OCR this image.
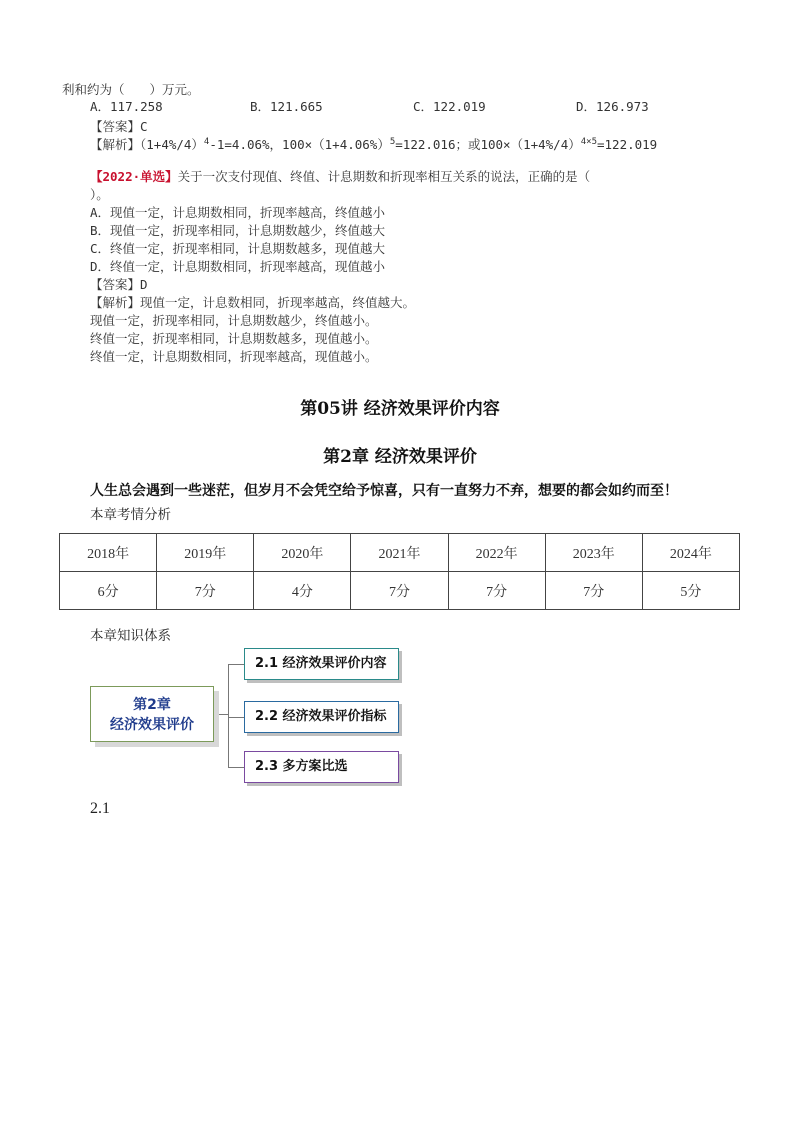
利和约为（　　）万元。
A．117.258	B．121.665	C．122.019	D．126.973
【答案】C
【解析】$(1+4\%/4)^4-1=4.06\%$，$100\times(1+4.06\%)^5=122.016$；或$100\times(1+4\%/4)^{4\times 5}=122.019$
【2022·单选】关于一次支付现值、终值、计息期数和折现率相互关系的说法，正确的是（
）。
A．现值一定，计息期数相同，折现率越高，终值越小
B．现值一定，折现率相同，计息期数越少，终值越大
C．终值一定，折现率相同，计息期数越多，现值越大
D．终值一定，计息期数相同，折现率越高，现值越小
【答案】D
【解析】现值一定，计息数相同，折现率越高，终值越大。
现值一定，折现率相同，计息期数越少，终值越小。
终值一定，折现率相同，计息期数越多，现值越小。
终值一定，计息期数相同，折现率越高，现值越小。
第05讲 经济效果评价内容
第2章 经济效果评价
人生总会遇到一些迷茫，但岁月不会凭空给予惊喜，只有一直努力不弃，想要的都会如约而至！
本章考情分析
2018年	2019年	2020年	2021年	2022年	2023年	2024年
6分	7分	4分	7分	7分	7分	5分
本章知识体系
第2章
经济效果评价
2.1 经济效果评价内容
2.2 经济效果评价指标
2.3 多方案比选
2.1
